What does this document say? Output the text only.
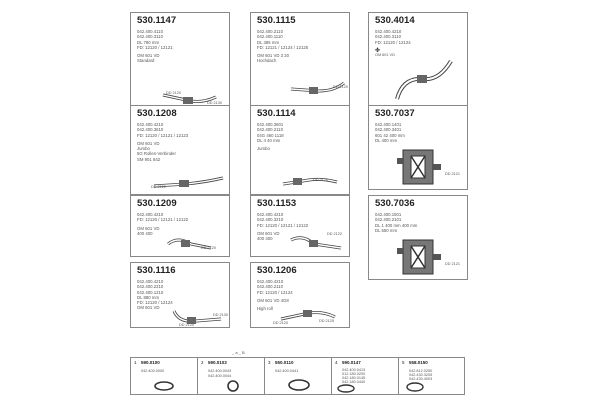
530.1147
042.400.4110
042.400.3110
DL 780 mm
FD: 12120 / 12121
OM 601 VD
Standard
DD 2120
DD 2130
530.1208
042.400.4210
042.400.3610
FD: 12120 / 12121 / 12123
OM 601 VD
Jumbo
5G Rollen-Verbinder
SM 901 842
DD 2122
530.1209
042.400.4210
FD: 12120 / 12121 / 12122
OM 601 VD
400 400
DD 2120
530.1116
042.400.4210
042.400.2210
042.400.1210
DL 880 mm
FD: 12120 / 12124
OM 601 VD
DD 2120
DD 2130
530.1115
042.400.2110
042.400.1110
DL 385 mm
FD: 12121 / 12124 / 12125
OM 601 VD 3 20
Hochdach
DD 2120
530.1114
042.400.3601
042.400.2110
04G 460 1118
DL 4 40 mm
Jumbo
DD 2120
530.1153
042.400.4210
042.400.3210
FD: 12120 / 12121 / 12122
OM 601 VD
400 400
DD 2122
530.1206
042.400.4210
042.400.2110
FD: 12120 / 12124
OM 601 VD 4G8
High roll
DD 2120	DD 2125
530.4014
042.400.4210
042.400.3110
FD: 12120 / 12124
✤
OM 601 VD
530.7037
042.400.1401
042.400.3401
601 42 400 mm
DL 400 mm
DD 2121
530.7036
042.400.1501
042.400.2101
DL 1 400 mm 400 mm
DL 550 mm
DD 2121
_ a _ B
1 590.0100
042.400.0000
2 590.0103
042.400.0043
042.400.0044
3 550.0110
042.400.0441
4 590.0147
042.400.0413
012.180.0200
042.180.0145
042.180.0440
5 558.0150
042.812.0250
042.430.3205
042.430.4003
